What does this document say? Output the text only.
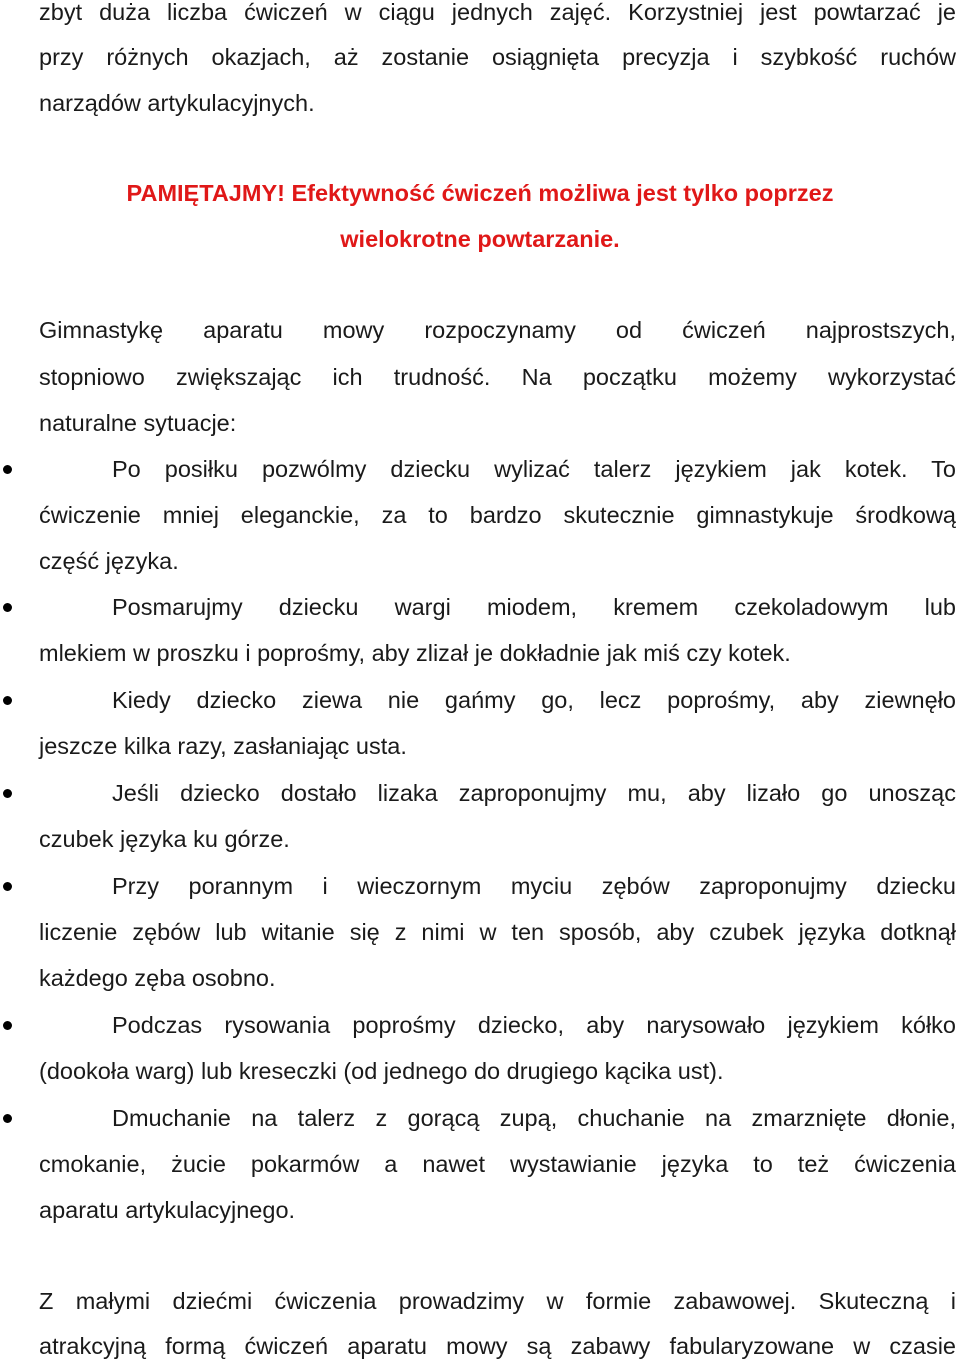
zbyt duża liczba ćwiczeń w ciągu jednych zajęć. Korzystniej jest powtarzać je

przy różnych okazjach, aż zostanie osiągnięta precyzja i szybkość ruchów

narządów artykulacyjnych.

PAMIĘTAJMY! Efektywność ćwiczeń możliwa jest tylko poprzez

wielokrotne powtarzanie.

Gimnastykę aparatu mowy rozpoczynamy od ćwiczeń najprostszych,

stopniowo zwiększając ich trudność. Na początku możemy wykorzystać

naturalne sytuacje:

Po posiłku pozwólmy dziecku wylizać talerz językiem jak kotek. To

ćwiczenie mniej eleganckie, za to bardzo skutecznie gimnastykuje środkową

część języka.

Posmarujmy dziecku wargi miodem, kremem czekoladowym lub

mlekiem w proszku i poprośmy, aby zlizał je dokładnie jak miś czy kotek.

Kiedy dziecko ziewa nie gańmy go, lecz poprośmy, aby ziewnęło

jeszcze kilka razy, zasłaniając usta.

Jeśli dziecko dostało lizaka zaproponujmy mu, aby lizało go unosząc

czubek języka ku górze.

Przy porannym i wieczornym myciu zębów zaproponujmy dziecku

liczenie zębów lub witanie się z nimi w ten sposób, aby czubek języka dotknął

każdego zęba osobno.

Podczas rysowania poprośmy dziecko, aby narysowało językiem kółko

(dookoła warg) lub kreseczki (od jednego do drugiego kącika ust).

Dmuchanie na talerz z gorącą zupą, chuchanie na zmarznięte dłonie,

cmokanie, żucie pokarmów a nawet wystawianie języka to też ćwiczenia

aparatu artykulacyjnego.

Z małymi dziećmi ćwiczenia prowadzimy w formie zabawowej. Skuteczną i

atrakcyjną formą ćwiczeń aparatu mowy są zabawy fabularyzowane w czasie
